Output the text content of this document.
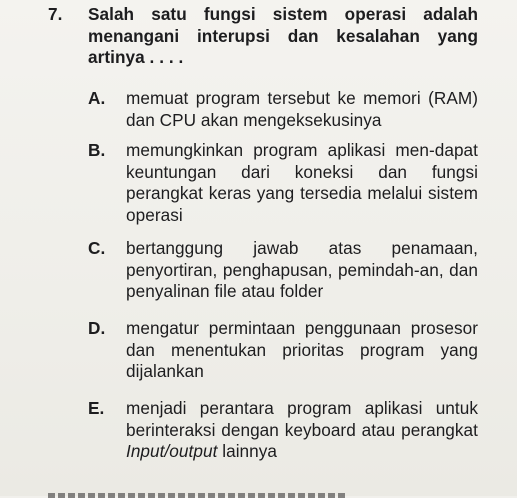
7. Salah satu fungsi sistem operasi adalah menangani interupsi dan kesalahan yang artinya . . . .
A. memuat program tersebut ke memori (RAM) dan CPU akan mengeksekusinya
B. memungkinkan program aplikasi men-dapat keuntungan dari koneksi dan fungsi perangkat keras yang tersedia melalui sistem operasi
C. bertanggung jawab atas penamaan, penyortiran, penghapusan, pemindah-an, dan penyalinan file atau folder
D. mengatur permintaan penggunaan prosesor dan menentukan prioritas program yang dijalankan
E. menjadi perantara program aplikasi untuk berinteraksi dengan keyboard atau perangkat Input/output lainnya
